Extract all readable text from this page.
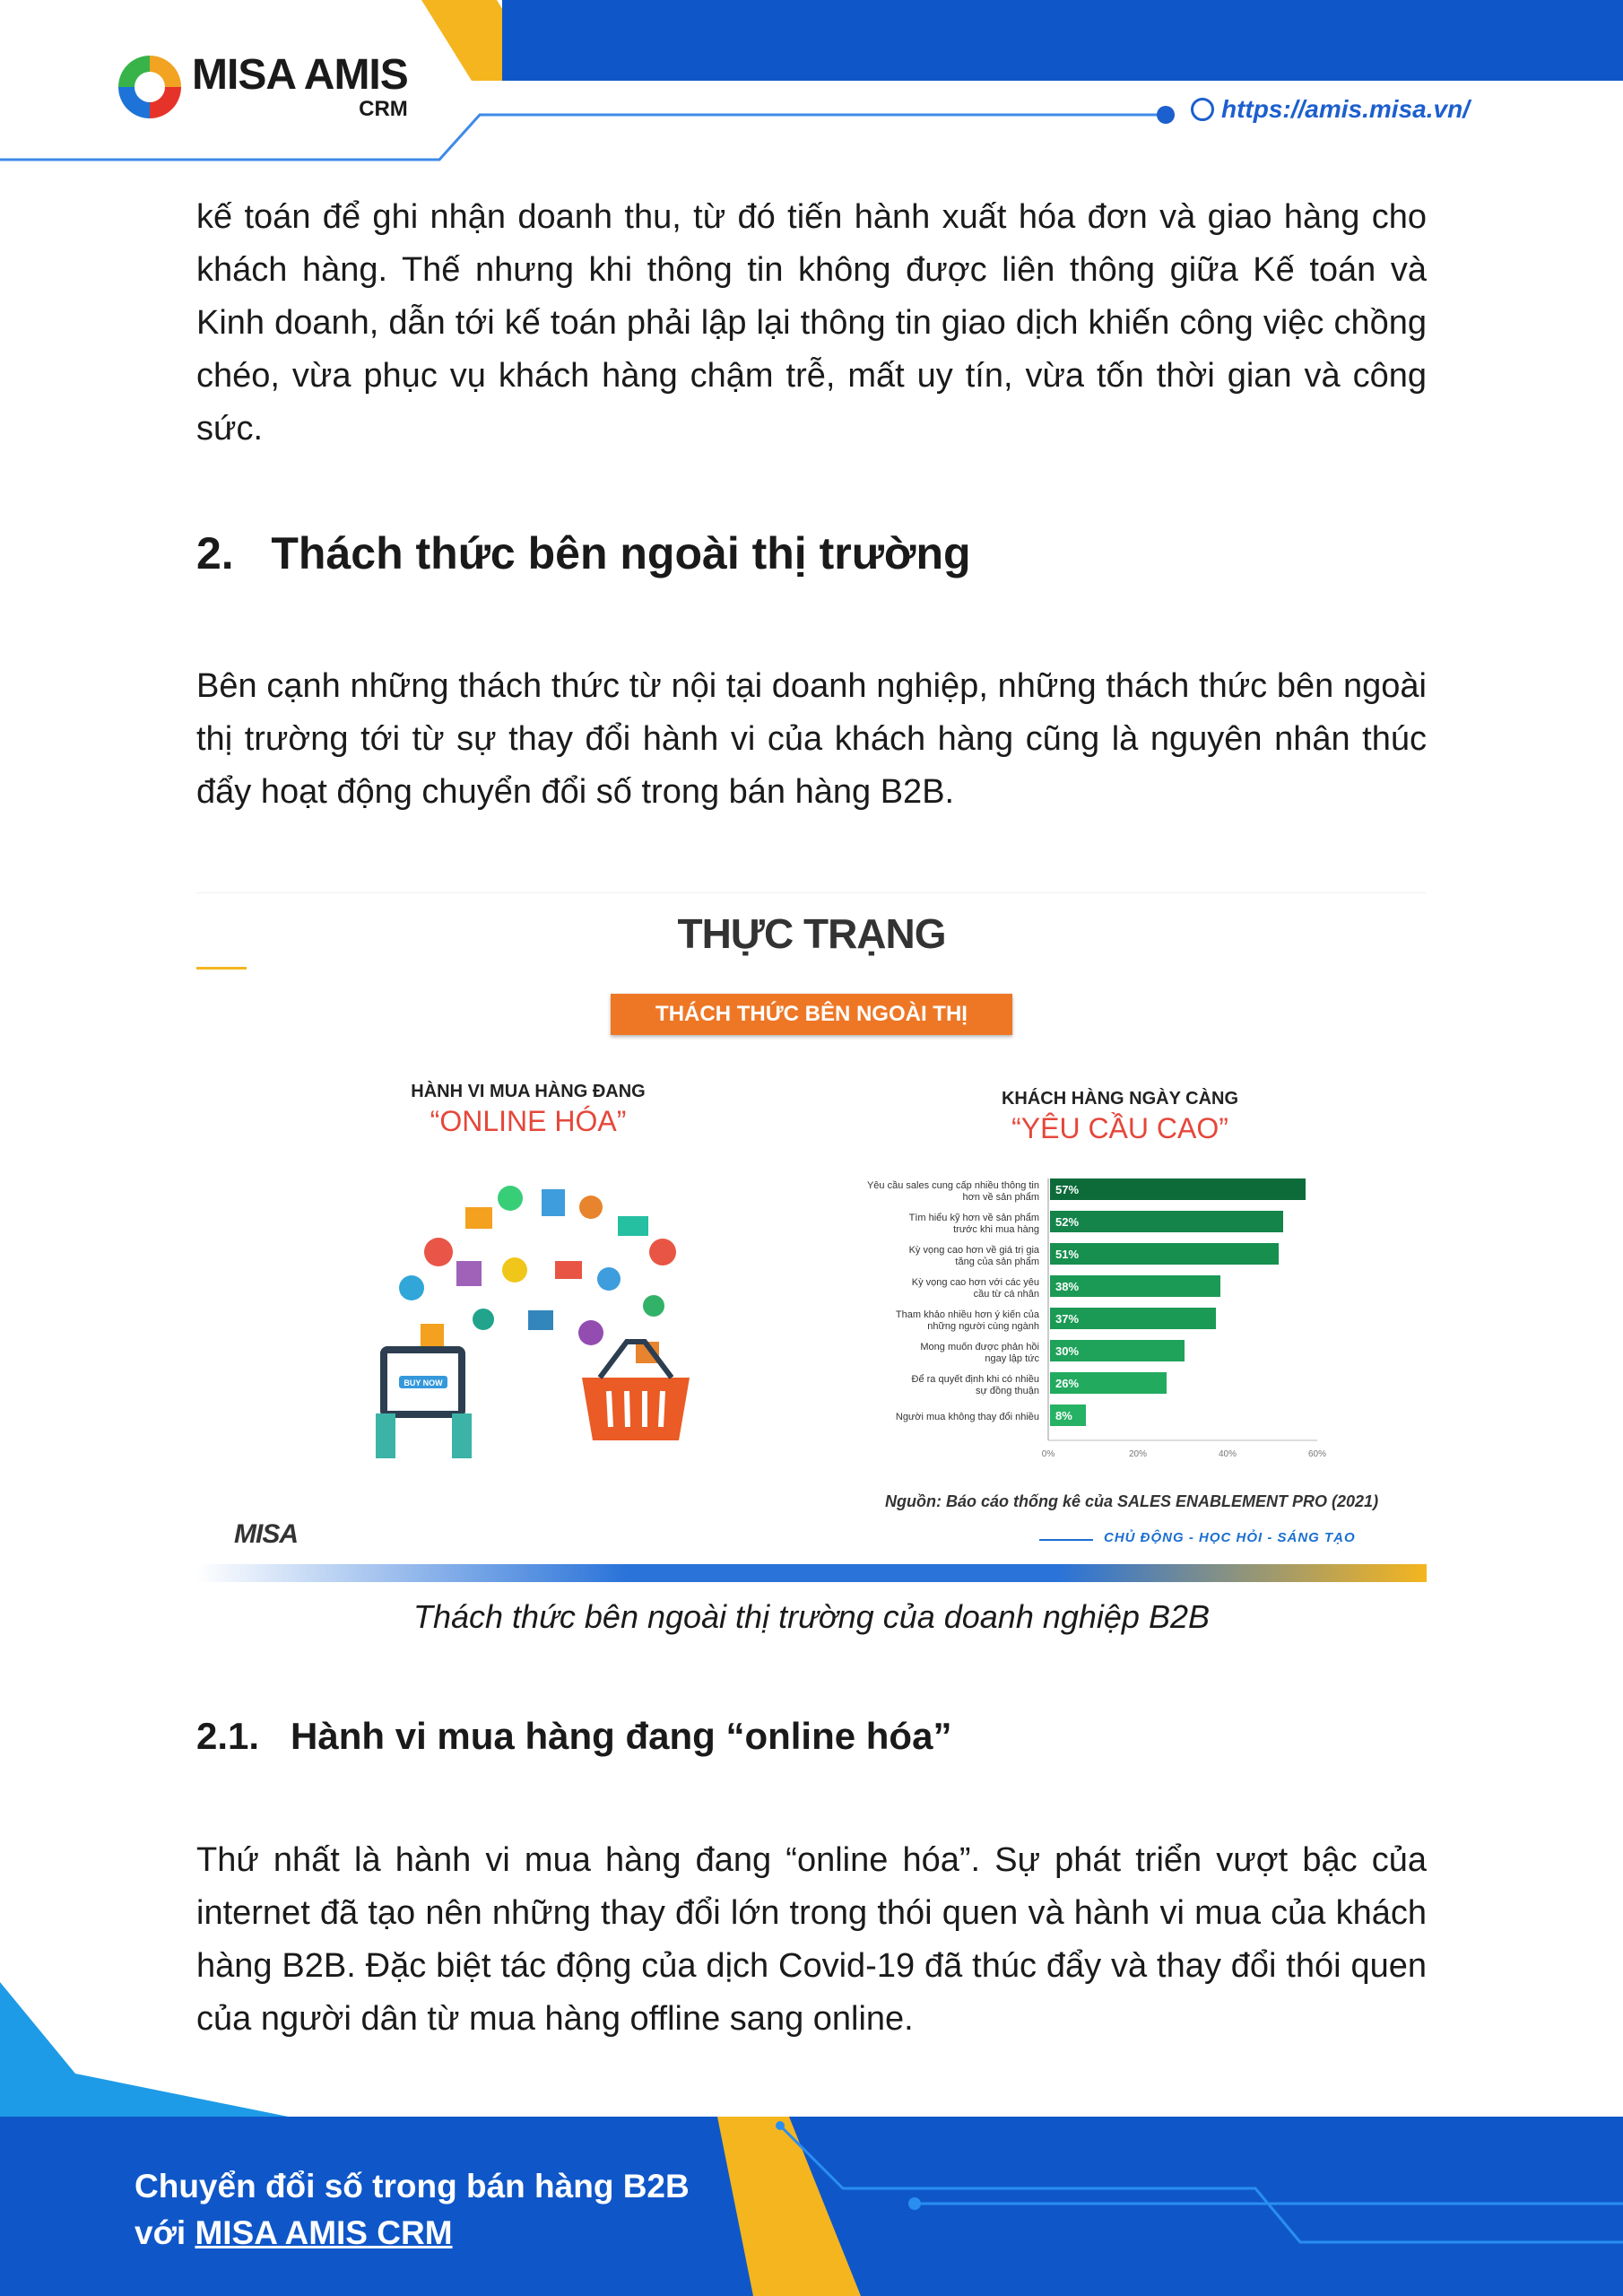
MISA AMIS
CRM	https://amis.misa.vn/
kế toán để ghi nhận doanh thu, từ đó tiến hành xuất hóa đơn và giao hàng cho khách hàng. Thế nhưng khi thông tin không được liên thông giữa Kế toán và Kinh doanh, dẫn tới kế toán phải lập lại thông tin giao dịch khiến công việc chồng chéo, vừa phục vụ khách hàng chậm trễ, mất uy tín, vừa tốn thời gian và công sức.
2.   Thách thức bên ngoài thị trường
Bên cạnh những thách thức từ nội tại doanh nghiệp, những thách thức bên ngoài thị trường tới từ sự thay đổi hành vi của khách hàng cũng là nguyên nhân thúc đẩy hoạt động chuyển đổi số trong bán hàng B2B.
THỰC TRẠNG
THÁCH THỨC BÊN NGOÀI THỊ TRƯỜNG
HÀNH VI MUA HÀNG ĐANG
“ONLINE HÓA”
BUY NOW
KHÁCH HÀNG NGÀY CÀNG
“YÊU CẦU CAO”
Yêu cầu sales cung cấp nhiều thông tin hơn về sản phẩm
57%
Tìm hiểu kỹ hơn về sản phẩm trước khi mua hàng
52%
Kỳ vọng cao hơn về giá trị gia tăng của sản phẩm
51%
Kỳ vọng cao hơn với các yêu cầu từ cá nhân
38%
Tham khảo nhiều hơn ý kiến của những người cùng ngành
37%
Mong muốn được phản hồi ngay lập tức
30%
Để ra quyết định khi có nhiều sự đồng thuận
26%
Người mua không thay đổi nhiều 8%
0%	20%	40%	60%
Nguồn: Báo cáo thống kê của SALES ENABLEMENT PRO (2021)
CHỦ ĐỘNG - HỌC HỎI - SÁNG TẠO
MISA
Thách thức bên ngoài thị trường của doanh nghiệp B2B
2.1.   Hành vi mua hàng đang “online hóa”
Thứ nhất là hành vi mua hàng đang “online hóa”. Sự phát triển vượt bậc của internet đã tạo nên những thay đổi lớn trong thói quen và hành vi mua của khách hàng B2B. Đặc biệt tác động của dịch Covid-19 đã thúc đẩy và thay đổi thói quen của người dân từ mua hàng offline sang online.
Chuyển đổi số trong bán hàng B2B
với MISA AMIS CRM
